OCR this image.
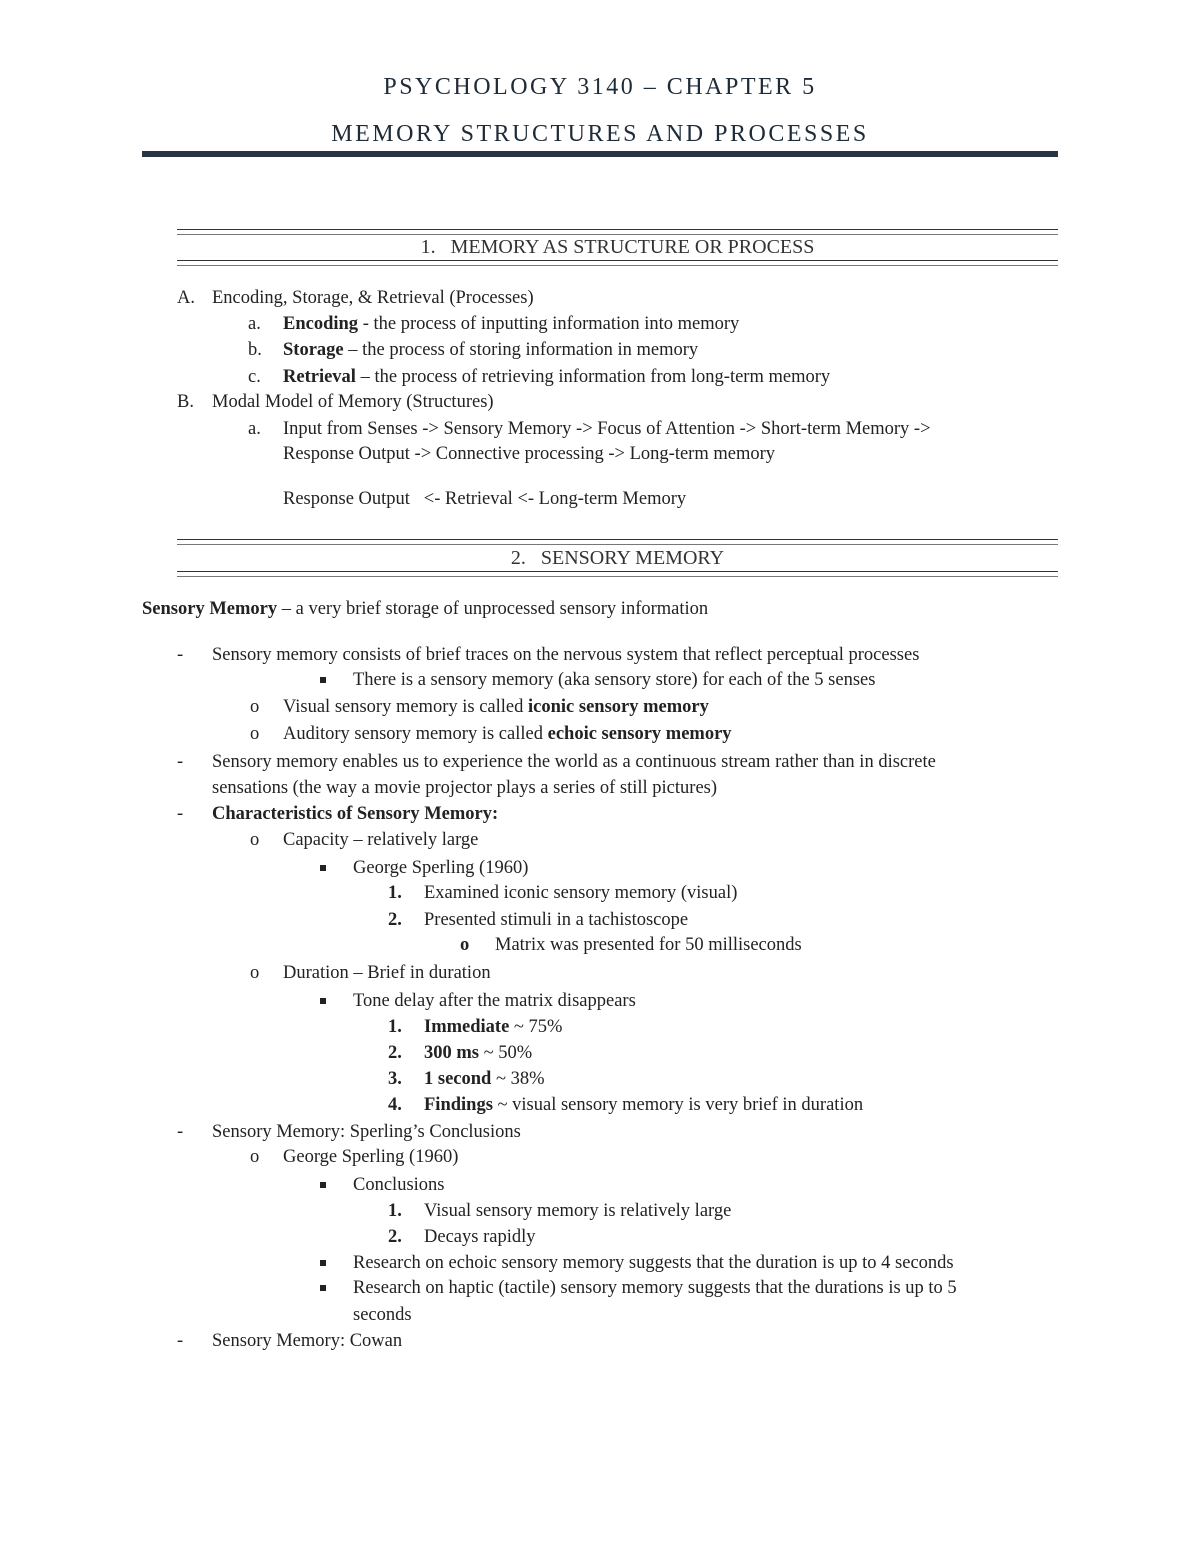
PSYCHOLOGY 3140 – CHAPTER 5
MEMORY STRUCTURES AND PROCESSES
1. MEMORY AS STRUCTURE OR PROCESS
A. Encoding, Storage, & Retrieval (Processes)
a. Encoding - the process of inputting information into memory
b. Storage – the process of storing information in memory
c. Retrieval – the process of retrieving information from long-term memory
B. Modal Model of Memory (Structures)
a. Input from Senses -> Sensory Memory -> Focus of Attention -> Short-term Memory ->
Response Output -> Connective processing -> Long-term memory
Response Output   <- Retrieval <- Long-term Memory
2. SENSORY MEMORY
Sensory Memory – a very brief storage of unprocessed sensory information
- Sensory memory consists of brief traces on the nervous system that reflect perceptual processes
There is a sensory memory (aka sensory store) for each of the 5 senses
o Visual sensory memory is called iconic sensory memory
o Auditory sensory memory is called echoic sensory memory
- Sensory memory enables us to experience the world as a continuous stream rather than in discrete
sensations (the way a movie projector plays a series of still pictures)
- Characteristics of Sensory Memory:
o Capacity – relatively large
George Sperling (1960)
1. Examined iconic sensory memory (visual)
2. Presented stimuli in a tachistoscope
o Matrix was presented for 50 milliseconds
o Duration – Brief in duration
Tone delay after the matrix disappears
1. Immediate ~ 75%
2. 300 ms ~ 50%
3. 1 second ~ 38%
4. Findings ~ visual sensory memory is very brief in duration
- Sensory Memory: Sperling’s Conclusions
o George Sperling (1960)
Conclusions
1. Visual sensory memory is relatively large
2. Decays rapidly
Research on echoic sensory memory suggests that the duration is up to 4 seconds
Research on haptic (tactile) sensory memory suggests that the durations is up to 5
seconds
- Sensory Memory: Cowan
